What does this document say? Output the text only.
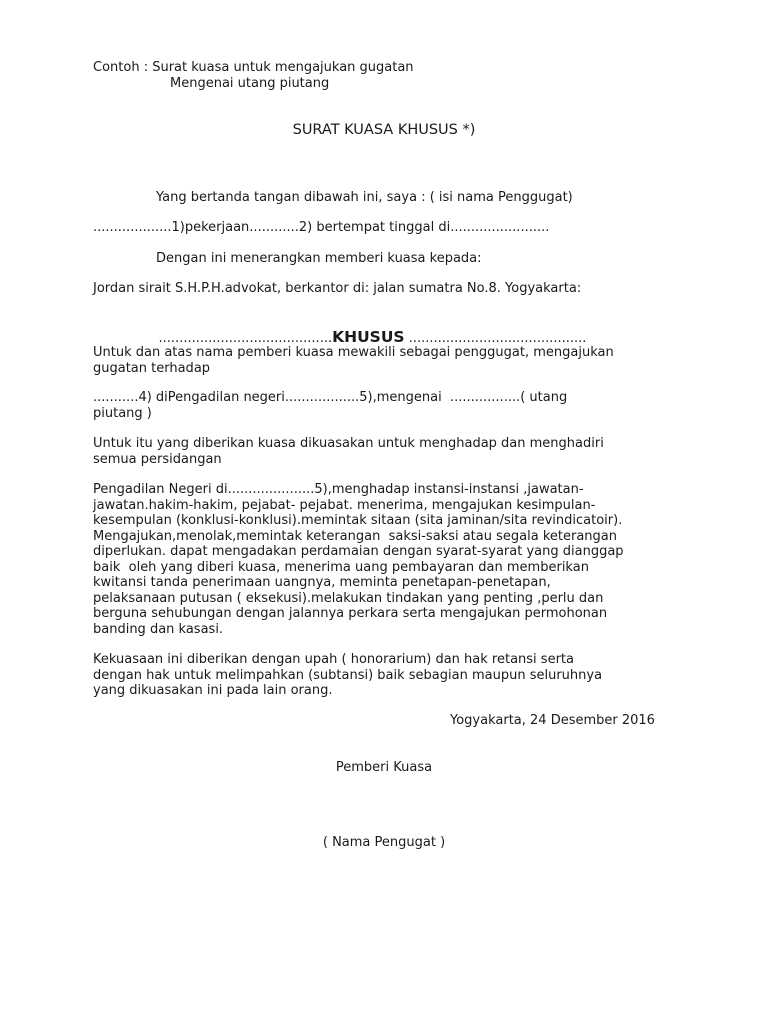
Contoh : Surat kuasa untuk mengajukan gugatan
Mengenai utang piutang
SURAT KUASA KHUSUS *)
Yang bertanda tangan dibawah ini, saya : ( isi nama Penggugat)
...................1)pekerjaan............2) bertempat tinggal di........................
Dengan ini menerangkan memberi kuasa kepada:
Jordan sirait S.H.P.H.advokat, berkantor di: jalan sumatra No.8. Yogyakarta:

..........................................KHUSUS ...........................................

Untuk dan atas nama pemberi kuasa mewakili sebagai penggugat, mengajukan
gugatan terhadap
...........4) diPengadilan negeri..................5),mengenai  .................( utang
piutang )
Untuk itu yang diberikan kuasa dikuasakan untuk menghadap dan menghadiri
semua persidangan
Pengadilan Negeri di.....................5),menghadap instansi-instansi ,jawatan-
jawatan.hakim-hakim, pejabat- pejabat. menerima, mengajukan kesimpulan-
kesempulan (konklusi-konklusi).memintak sitaan (sita jaminan/sita revindicatoir).
Mengajukan,menolak,memintak keterangan  saksi-saksi atau segala keterangan
diperlukan. dapat mengadakan perdamaian dengan syarat-syarat yang dianggap
baik  oleh yang diberi kuasa, menerima uang pembayaran dan memberikan
kwitansi tanda penerimaan uangnya, meminta penetapan-penetapan,
pelaksanaan putusan ( eksekusi).melakukan tindakan yang penting ,perlu dan
berguna sehubungan dengan jalannya perkara serta mengajukan permohonan
banding dan kasasi.
Kekuasaan ini diberikan dengan upah ( honorarium) dan hak retansi serta
dengan hak untuk melimpahkan (subtansi) baik sebagian maupun seluruhnya
yang dikuasakan ini pada lain orang.
Yogyakarta, 24 Desember 2016
Pemberi Kuasa
( Nama Pengugat )
